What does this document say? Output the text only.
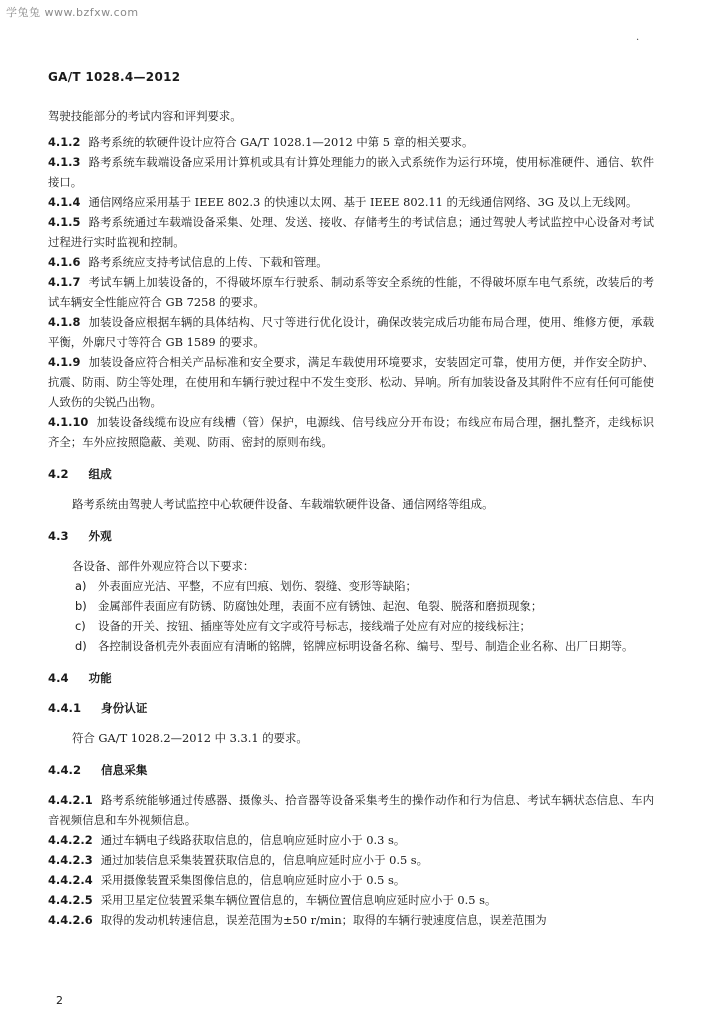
学兔兔 www.bzfxw.com
.
GA/T 1028.4—2012

驾驶技能部分的考试内容和评判要求。

4.1.2 路考系统的软硬件设计应符合 GA/T 1028.1—2012 中第 5 章的相关要求。

4.1.3 路考系统车载端设备应采用计算机或具有计算处理能力的嵌入式系统作为运行环境，使用标准硬件、通信、软件接口。

4.1.4 通信网络应采用基于 IEEE 802.3 的快速以太网、基于 IEEE 802.11 的无线通信网络、3G 及以上无线网。

4.1.5 路考系统通过车载端设备采集、处理、发送、接收、存储考生的考试信息；通过驾驶人考试监控中心设备对考试过程进行实时监视和控制。

4.1.6 路考系统应支持考试信息的上传、下载和管理。

4.1.7 考试车辆上加装设备的，不得破坏原车行驶系、制动系等安全系统的性能，不得破坏原车电气系统，改装后的考试车辆安全性能应符合 GB 7258 的要求。

4.1.8 加装设备应根据车辆的具体结构、尺寸等进行优化设计，确保改装完成后功能布局合理，使用、维修方便，承载平衡，外廓尺寸等符合 GB 1589 的要求。

4.1.9 加装设备应符合相关产品标准和安全要求，满足车载使用环境要求，安装固定可靠，使用方便，并作安全防护、抗震、防雨、防尘等处理，在使用和车辆行驶过程中不发生变形、松动、异响。所有加装设备及其附件不应有任何可能使人致伤的尖锐凸出物。

4.1.10 加装设备线缆布设应有线槽（管）保护，电源线、信号线应分开布设；布线应布局合理，捆扎整齐，走线标识齐全；车外应按照隐蔽、美观、防雨、密封的原则布线。

4.2 组成

路考系统由驾驶人考试监控中心软硬件设备、车载端软硬件设备、通信网络等组成。

4.3 外观

各设备、部件外观应符合以下要求：

a) 外表面应光洁、平整，不应有凹痕、划伤、裂缝、变形等缺陷；

b) 金属部件表面应有防锈、防腐蚀处理，表面不应有锈蚀、起泡、龟裂、脱落和磨损现象；

c) 设备的开关、按钮、插座等处应有文字或符号标志，接线端子处应有对应的接线标注；

d) 各控制设备机壳外表面应有清晰的铭牌，铭牌应标明设备名称、编号、型号、制造企业名称、出厂日期等。

4.4 功能

4.4.1 身份认证

符合 GA/T 1028.2—2012 中 3.3.1 的要求。

4.4.2 信息采集

4.4.2.1 路考系统能够通过传感器、摄像头、拾音器等设备采集考生的操作动作和行为信息、考试车辆状态信息、车内音视频信息和车外视频信息。

4.4.2.2 通过车辆电子线路获取信息的，信息响应延时应小于 0.3 s。

4.4.2.3 通过加装信息采集装置获取信息的，信息响应延时应小于 0.5 s。

4.4.2.4 采用摄像装置采集图像信息的，信息响应延时应小于 0.5 s。

4.4.2.5 采用卫星定位装置采集车辆位置信息的，车辆位置信息响应延时应小于 0.5 s。

4.4.2.6 取得的发动机转速信息，误差范围为±50 r/min；取得的车辆行驶速度信息，误差范围为

2
